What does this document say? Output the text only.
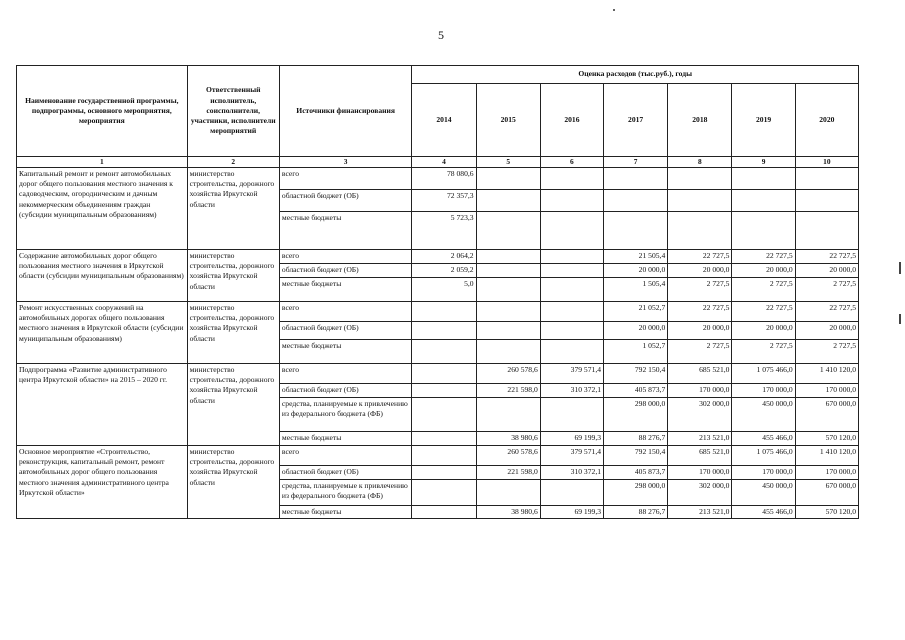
5
Наименование государственной программы, подпрограммы, основного мероприятия, мероприятия	Ответственный исполнитель, соисполнители, участники, исполнители мероприятий	Источники финансирования	Оценка расходов (тыс.руб.), годы						
			2014	2015	2016	2017	2018	2019	2020
1	2	3	4	5	6	7	8	9	10
Капитальный ремонт и ремонт автомобильных дорог общего пользования местного значения к садоводческим, огородническим и дачным некоммерческим объединениям граждан (субсидии муниципальным образованиям)	министерство строительства, дорожного хозяйства Иркутской области	всего	78 080,6						
		областной бюджет (ОБ)	72 357,3						
		местные бюджеты	5 723,3						
Содержание автомобильных дорог общего пользования местного значения в Иркутской области (субсидии муниципальным образованиям)	министерство строительства, дорожного хозяйства Иркутской области	всего	2 064,2			21 505,4	22 727,5	22 727,5	22 727,5
		областной бюджет (ОБ)	2 059,2			20 000,0	20 000,0	20 000,0	20 000,0
		местные бюджеты	5,0			1 505,4	2 727,5	2 727,5	2 727,5
Ремонт искусственных сооружений на автомобильных дорогах общего пользования местного значения в Иркутской области (субсидии муниципальным образованиям)	министерство строительства, дорожного хозяйства Иркутской области	всего				21 052,7	22 727,5	22 727,5	22 727,5
		областной бюджет (ОБ)				20 000,0	20 000,0	20 000,0	20 000,0
		местные бюджеты				1 052,7	2 727,5	2 727,5	2 727,5
Подпрограмма «Развитие административного центра Иркутской области» на 2015 – 2020 гг.	министерство строительства, дорожного хозяйства Иркутской области	всего		260 578,6	379 571,4	792 150,4	685 521,0	1 075 466,0	1 410 120,0
		областной бюджет (ОБ)		221 598,0	310 372,1	405 873,7	170 000,0	170 000,0	170 000,0
		средства, планируемые к привлечению из федерального бюджета (ФБ)				298 000,0	302 000,0	450 000,0	670 000,0
		местные бюджеты		38 980,6	69 199,3	88 276,7	213 521,0	455 466,0	570 120,0
Основное мероприятие «Строительство, реконструкция, капитальный ремонт, ремонт автомобильных дорог общего пользования местного значения административного центра Иркутской области»	министерство строительства, дорожного хозяйства Иркутской области	всего		260 578,6	379 571,4	792 150,4	685 521,0	1 075 466,0	1 410 120,0
		областной бюджет (ОБ)		221 598,0	310 372,1	405 873,7	170 000,0	170 000,0	170 000,0
		средства, планируемые к привлечению из федерального бюджета (ФБ)				298 000,0	302 000,0	450 000,0	670 000,0
		местные бюджеты		38 980,6	69 199,3	88 276,7	213 521,0	455 466,0	570 120,0
